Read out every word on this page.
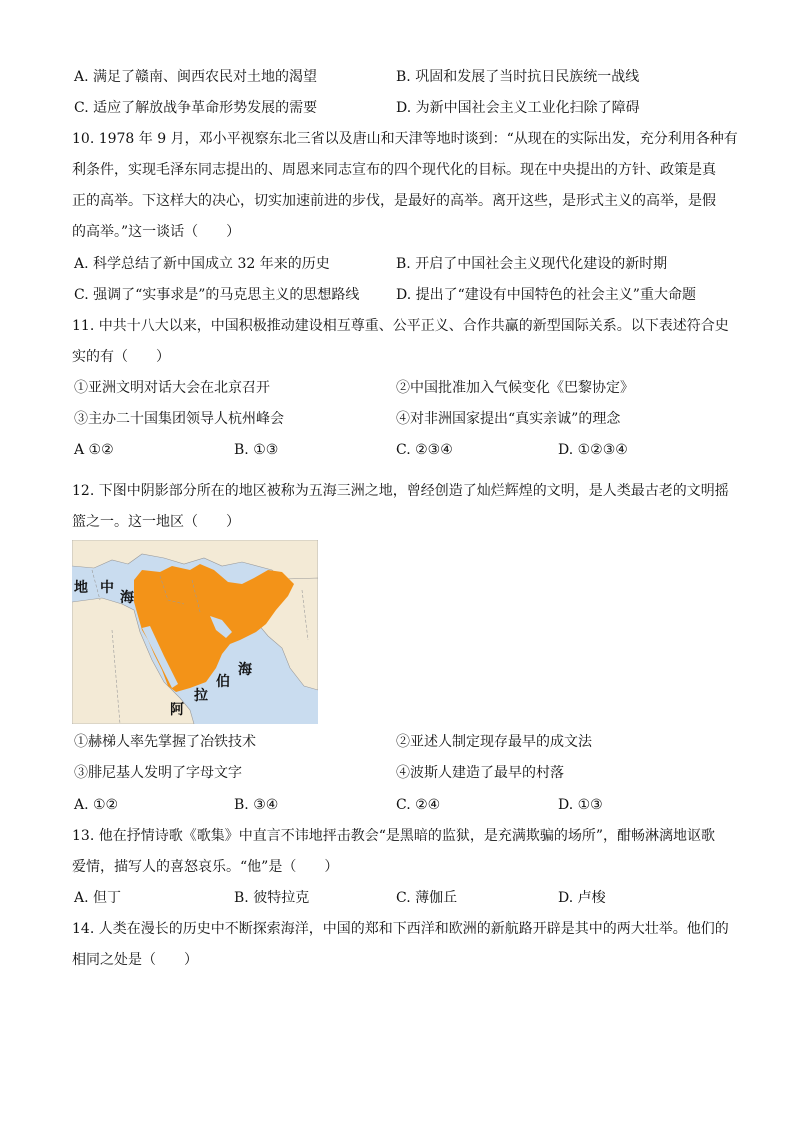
A. 满足了赣南、闽西农民对土地的渴望	B. 巩固和发展了当时抗日民族统一战线
C. 适应了解放战争革命形势发展的需要	D. 为新中国社会主义工业化扫除了障碍
10. 1978 年 9 月，邓小平视察东北三省以及唐山和天津等地时谈到：“从现在的实际出发，充分利用各种有
利条件，实现毛泽东同志提出的、周恩来同志宣布的四个现代化的目标。现在中央提出的方针、政策是真
正的高举。下这样大的决心，切实加速前进的步伐，是最好的高举。离开这些，是形式主义的高举，是假
的高举。”这一谈话（　　）
A. 科学总结了新中国成立 32 年来的历史	B. 开启了中国社会主义现代化建设的新时期
C. 强调了“实事求是”的马克思主义的思想路线	D. 提出了“建设有中国特色的社会主义”重大命题
11. 中共十八大以来，中国积极推动建设相互尊重、公平正义、合作共赢的新型国际关系。以下表述符合史
实的有（　　）
①亚洲文明对话大会在北京召开	②中国批准加入气候变化《巴黎协定》
③主办二十国集团领导人杭州峰会	④对非洲国家提出“真实亲诚”的理念
A ①②	B. ①③	C. ②③④	D. ①②③④
12. 下图中阴影部分所在的地区被称为五海三洲之地，曾经创造了灿烂辉煌的文明，是人类最古老的文明摇
篮之一。这一地区（　　）
地 中
海
阿
拉
伯
海
①赫梯人率先掌握了冶铁技术	②亚述人制定现存最早的成文法
③腓尼基人发明了字母文字	④波斯人建造了最早的村落
A. ①②	B. ③④	C. ②④	D. ①③
13. 他在抒情诗歌《歌集》中直言不讳地抨击教会“是黑暗的监狱，是充满欺骗的场所”，酣畅淋漓地讴歌
爱情，描写人的喜怒哀乐。“他”是（　　）
A. 但丁	B. 彼特拉克	C. 薄伽丘	D. 卢梭
14. 人类在漫长的历史中不断探索海洋，中国的郑和下西洋和欧洲的新航路开辟是其中的两大壮举。他们的
相同之处是（　　）
